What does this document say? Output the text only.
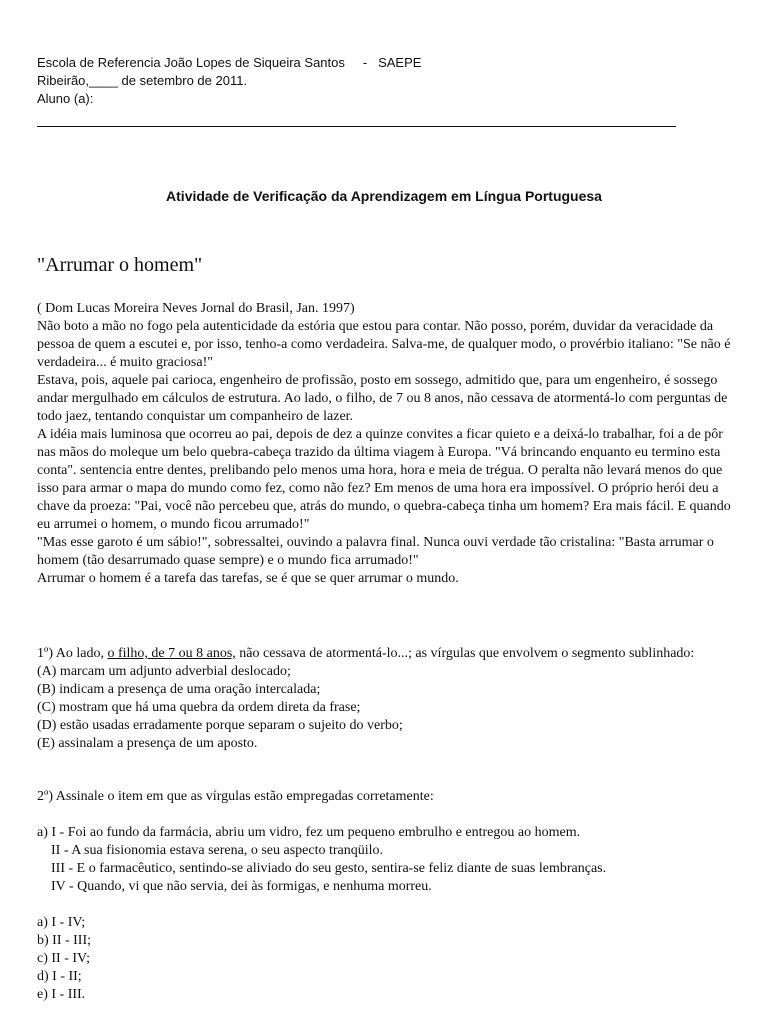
Escola de Referencia João Lopes de Siqueira Santos     -   SAEPE
Ribeirão,____ de setembro de 2011.
Aluno (a):
Atividade de Verificação da Aprendizagem em Língua Portuguesa
"Arrumar o homem"

( Dom Lucas Moreira Neves Jornal do Brasil, Jan. 1997)

Não boto a mão no fogo pela autenticidade da estória que estou para contar. Não posso, porém, duvidar da veracidade da pessoa de quem a escutei e, por isso, tenho-a como verdadeira. Salva-me, de qualquer modo, o provérbio italiano: "Se não é verdadeira... é muito graciosa!"

Estava, pois, aquele pai carioca, engenheiro de profissão, posto em sossego, admitido que, para um engenheiro, é sossego andar mergulhado em cálculos de estrutura. Ao lado, o filho, de 7 ou 8 anos, não cessava de atormentá-lo com perguntas de todo jaez, tentando conquistar um companheiro de lazer.

A idéia mais luminosa que ocorreu ao pai, depois de dez a quinze convites a ficar quieto e a deixá-lo trabalhar, foi a de pôr nas mãos do moleque um belo quebra-cabeça trazido da última viagem à Europa. "Vá brincando enquanto eu termino esta conta". sentencia entre dentes, prelibando pelo menos uma hora, hora e meia de trégua. O peralta não levará menos do que isso para armar o mapa do mundo como fez, como não fez? Em menos de uma hora era impossível. O próprio herói deu a chave da proeza: "Pai, você não percebeu que, atrás do mundo, o quebra-cabeça tinha um homem? Era mais fácil. E quando eu arrumei o homem, o mundo ficou arrumado!"

"Mas esse garoto é um sábio!", sobressaltei, ouvindo a palavra final. Nunca ouvi verdade tão cristalina: "Basta arrumar o homem (tão desarrumado quase sempre) e o mundo fica arrumado!"

Arrumar o homem é a tarefa das tarefas, se é que se quer arrumar o mundo.

1º) Ao lado, o filho, de 7 ou 8 anos, não cessava de atormentá-lo...; as vírgulas que envolvem o segmento sublinhado:

(A) marcam um adjunto adverbial deslocado;

(B) indicam a presença de uma oração intercalada;

(C) mostram que há uma quebra da ordem direta da frase;

(D) estão usadas erradamente porque separam o sujeito do verbo;

(E) assinalam a presença de um aposto.

2º) Assinale o item em que as vírgulas estão empregadas corretamente:

a) I - Foi ao fundo da farmácia, abriu um vidro, fez um pequeno embrulho e entregou ao homem.

II - A sua fisionomia estava serena, o seu aspecto tranqüilo.

III - E o farmacêutico, sentindo-se aliviado do seu gesto, sentira-se feliz diante de suas lembranças.

IV - Quando, vi que não servia, dei às formigas, e nenhuma morreu.

a) I - IV;

b) II - III;

c) II - IV;

d) I - II;

e) I - III.
